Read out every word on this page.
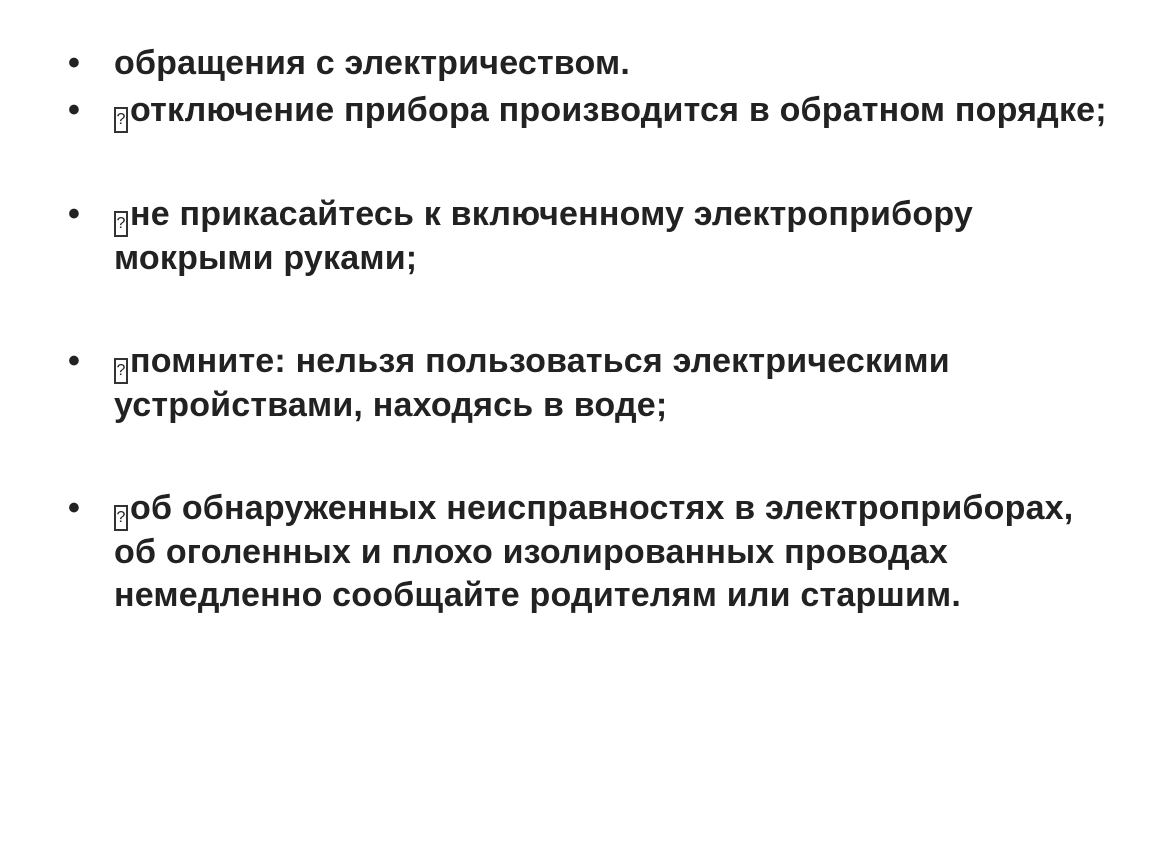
• обращения с электричеством.
•	? отключение прибора производится в обратном порядке;
•	? не прикасайтесь к включенному электроприбору мокрыми руками;
•	? помните: нельзя пользоваться электрическими устройствами, находясь в воде;
•	? об обнаруженных неисправностях в электроприборах, об оголенных и плохо изолированных проводах немедленно сообщайте родителям или старшим.
